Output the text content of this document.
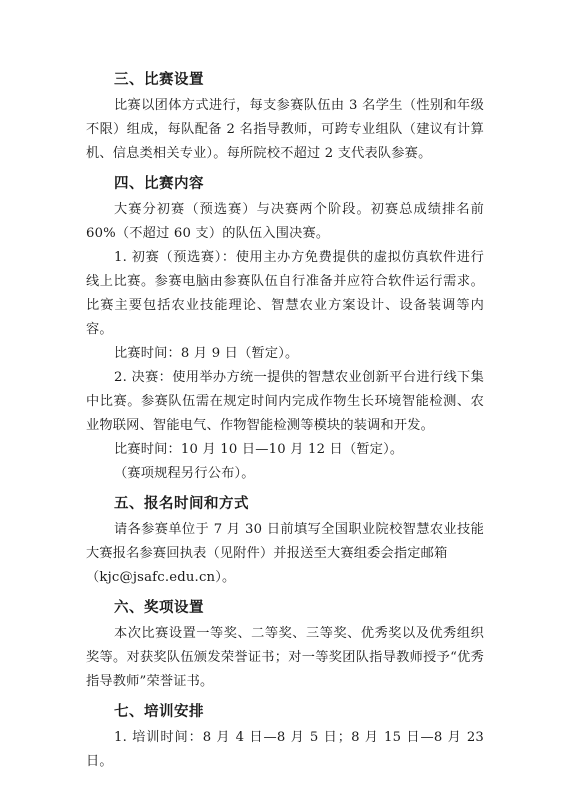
三、比赛设置

比赛以团体方式进行，每支参赛队伍由 3 名学生（性别和年级不限）组成，每队配备 2 名指导教师，可跨专业组队（建议有计算机、信息类相关专业）。每所院校不超过 2 支代表队参赛。

四、比赛内容

大赛分初赛（预选赛）与决赛两个阶段。初赛总成绩排名前 60%（不超过 60 支）的队伍入围决赛。

1. 初赛（预选赛）：使用主办方免费提供的虚拟仿真软件进行线上比赛。参赛电脑由参赛队伍自行准备并应符合软件运行需求。比赛主要包括农业技能理论、智慧农业方案设计、设备装调等内容。

比赛时间：8 月 9 日（暂定）。

2. 决赛：使用举办方统一提供的智慧农业创新平台进行线下集中比赛。参赛队伍需在规定时间内完成作物生长环境智能检测、农业物联网、智能电气、作物智能检测等模块的装调和开发。

比赛时间：10 月 10 日—10 月 12 日（暂定）。

（赛项规程另行公布）。

五、报名时间和方式

请各参赛单位于 7 月 30 日前填写全国职业院校智慧农业技能大赛报名参赛回执表（见附件）并报送至大赛组委会指定邮箱

（kjc@jsafc.edu.cn）。

六、奖项设置

本次比赛设置一等奖、二等奖、三等奖、优秀奖以及优秀组织奖等。对获奖队伍颁发荣誉证书；对一等奖团队指导教师授予“优秀指导教师”荣誉证书。

七、培训安排

1. 培训时间：8 月 4 日—8 月 5 日；8 月 15 日—8 月 23 日。
